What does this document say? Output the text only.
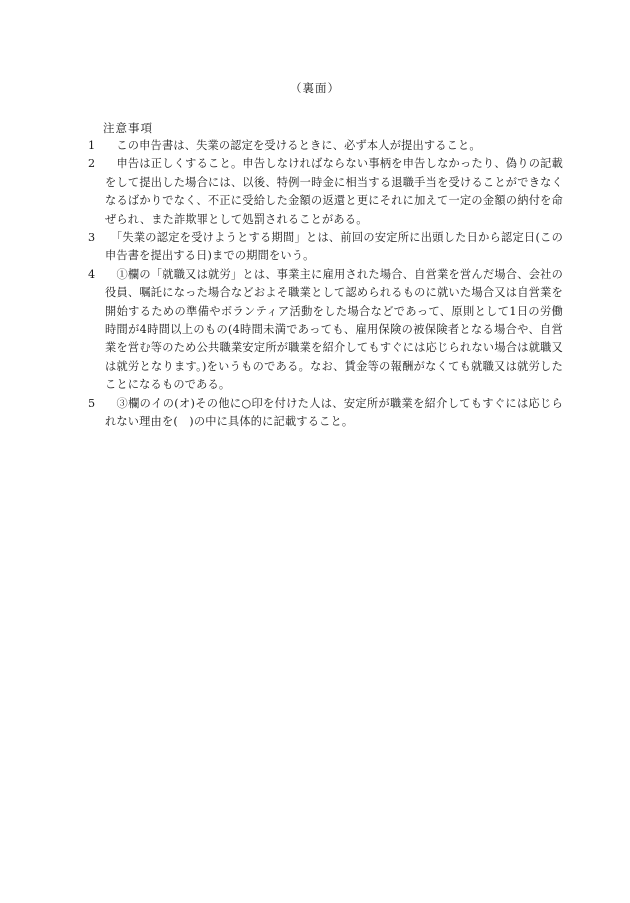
（裏面）
注意事項
1 　この申告書は、失業の認定を受けるときに、必ず本人が提出すること。
2 　申告は正しくすること。申告しなければならない事柄を申告しなかったり、偽りの記載をして提出した場合には、以後、特例一時金に相当する退職手当を受けることができなくなるばかりでなく、不正に受給した金額の返還と更にそれに加えて一定の金額の納付を命ぜられ、また詐欺罪として処罰されることがある。
3 　「失業の認定を受けようとする期間」とは、前回の安定所に出頭した日から認定日(この申告書を提出する日)までの期間をいう。
4 　①欄の「就職又は就労」とは、事業主に雇用された場合、自営業を営んだ場合、会社の役員、嘱託になった場合などおよそ職業として認められるものに就いた場合又は自営業を開始するための準備やボランティア活動をした場合などであって、原則として1日の労働時間が4時間以上のもの(4時間未満であっても、雇用保険の被保険者となる場合や、自営業を営む等のため公共職業安定所が職業を紹介してもすぐには応じられない場合は就職又は就労となります。)をいうものである。なお、賃金等の報酬がなくても就職又は就労したことになるものである。
5 　③欄のイの(オ)その他に○印を付けた人は、安定所が職業を紹介してもすぐには応じられない理由を(　)の中に具体的に記載すること。
